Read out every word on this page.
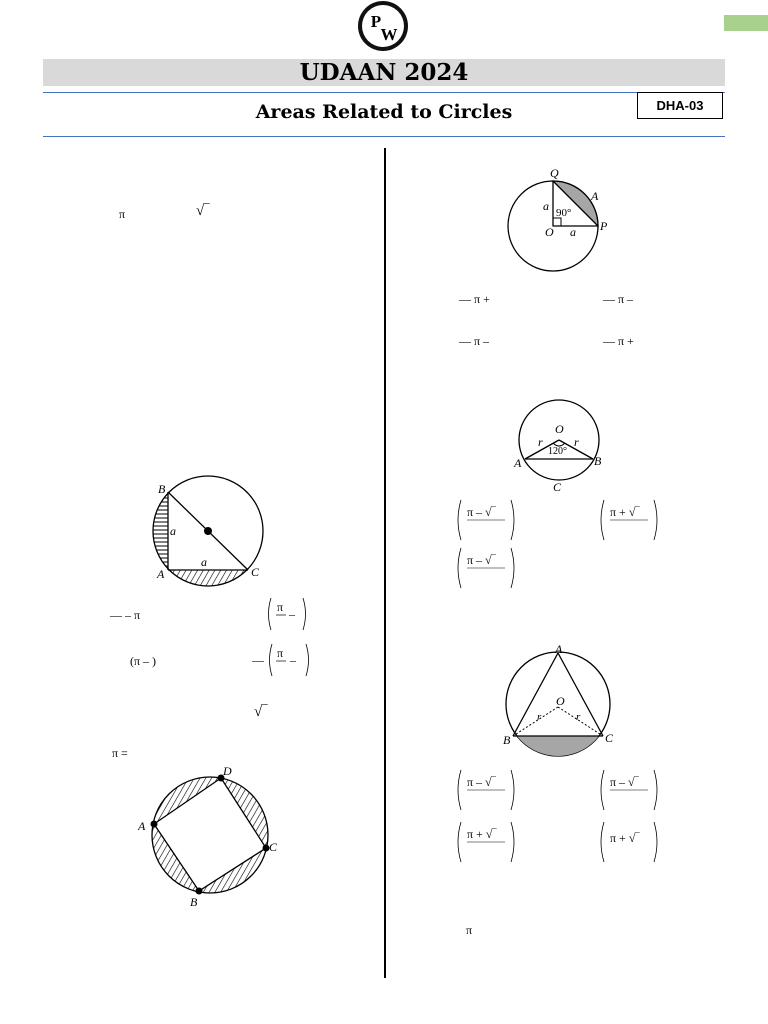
P
W
UDAAN 2024
Areas Related to Circles	DHA-03
π	√‾
B
A	C
a
a
— – π
π –
(π – )	— π –
√‾
π =
D
C
B
A
Q
A
O	P
a
a
90°
— π +	— π –
— π –	— π +
O
r	r
120°
A	B
C
π – √‾	π + √‾
π – √‾
A
O
r	r
B	C
π – √‾	π – √‾
π + √‾	π + √‾
π
